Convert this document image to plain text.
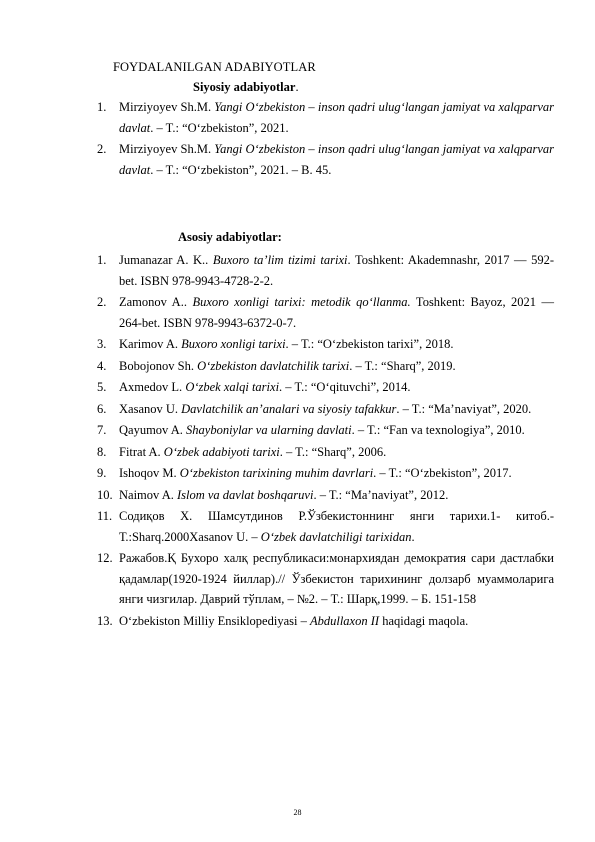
FOYDALANILGAN ADABIYOTLAR
Siyosiy adabiyotlar.
1. Mirziyoyev Sh.M. Yangi O‘zbekiston – inson qadri ulug‘langan jamiyat va xalqparvar davlat. – T.: “O‘zbekiston”, 2021.
2. Mirziyoyev Sh.M. Yangi O‘zbekiston – inson qadri ulug‘langan jamiyat va xalqparvar davlat. – T.: “O‘zbekiston”, 2021. – B. 45.
Asosiy adabiyotlar:
1. Jumanazar A. K.. Buxoro ta’lim tizimi tarixi. Toshkent: Akademnashr, 2017 — 592-bet. ISBN 978-9943-4728-2-2.
2. Zamonov A.. Buxoro xonligi tarixi: metodik qo‘llanma. Toshkent: Bayoz, 2021 — 264-bet. ISBN 978-9943-6372-0-7.
3. Karimov A. Buxoro xonligi tarixi. – T.: “O‘zbekiston tarixi”, 2018.
4. Bobojonov Sh. O‘zbekiston davlatchilik tarixi. – T.: “Sharq”, 2019.
5. Axmedov L. O‘zbek xalqi tarixi. – T.: “O‘qituvchi”, 2014.
6. Xasanov U. Davlatchilik an’analari va siyosiy tafakkur. – T.: “Ma’naviyat”, 2020.
7. Qayumov A. Shayboniylar va ularning davlati. – T.: “Fan va texnologiya”, 2010.
8. Fitrat A. O‘zbek adabiyoti tarixi. – T.: “Sharq”, 2006.
9. Ishoqov M. O‘zbekiston tarixining muhim davrlari. – T.: “O‘zbekiston”, 2017.
10. Naimov A. Islom va davlat boshqaruvi. – T.: “Ma’naviyat”, 2012.
11. Содиқов Х. Шамсутдинов Р.Ўзбекистоннинг янги тарихи.1- китоб.-Т.:Sharq.2000Xasanov U. – O‘zbek davlatchiligi tarixidan.
12. Ражабов.Қ Бухоро халқ республикаси:монархиядан демократия сари дастлабки қадамлар(1920-1924 йиллар).// Ўзбекистон тарихининг долзарб муаммоларига янги чизгилар. Даврий тўплам, – №2. – Т.: Шарқ,1999. – Б. 151-158
13. O‘zbekiston Milliy Ensiklopediyasi – Abdullaxon II haqidagi maqola.
28
